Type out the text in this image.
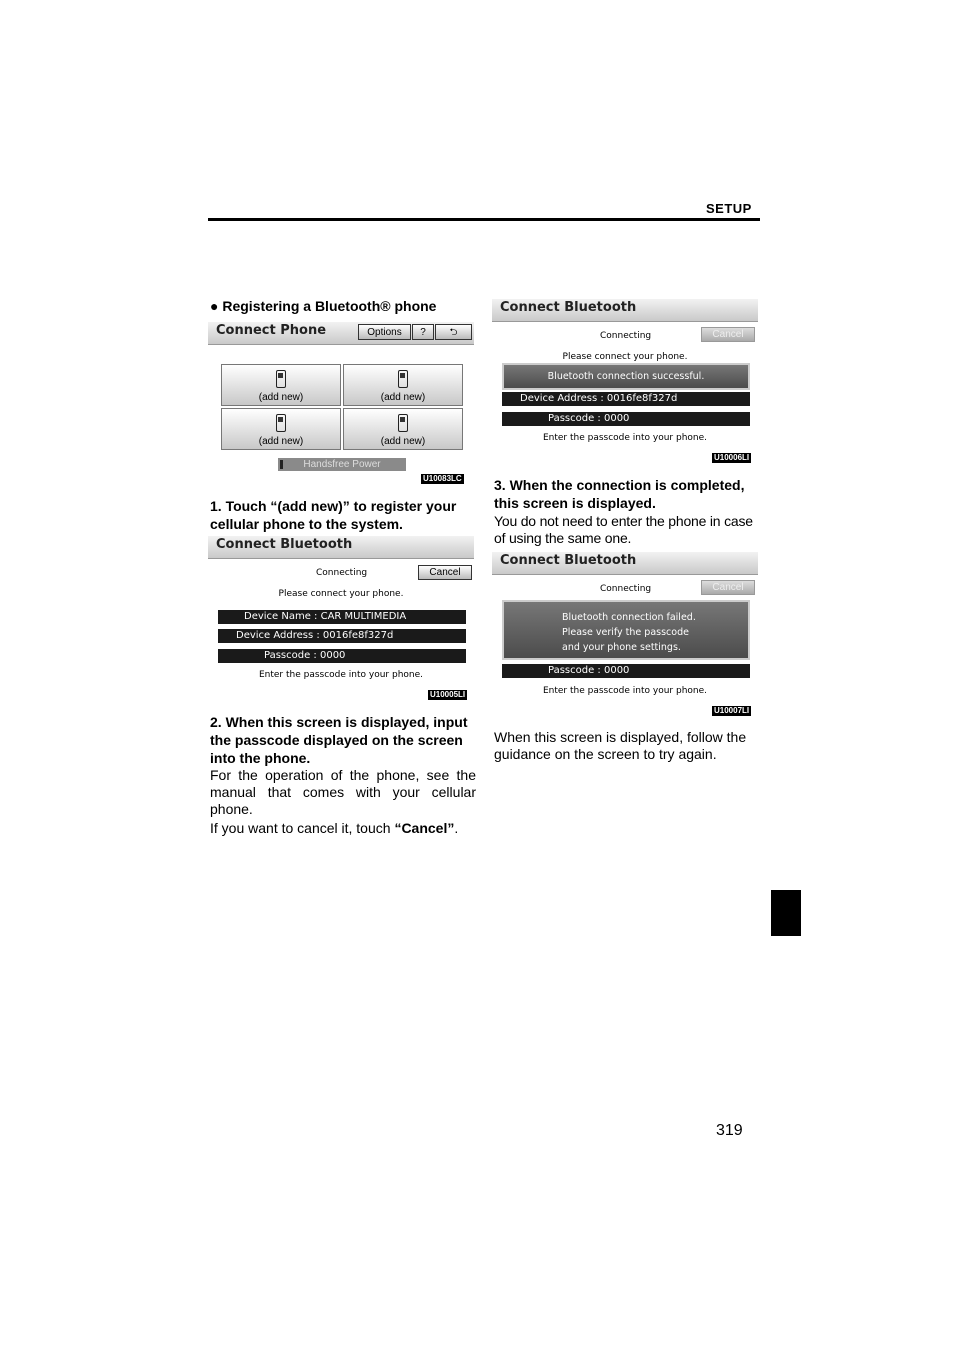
SETUP
319
● Registering a Bluetooth® phone
Connect Phone	Options	?	⮌
(add new)	(add new)
(add new)	(add new)
Handsfree Power
U10083LC
1. Touch “(add new)” to register your cellular phone to the system.
Connect Bluetooth
Connecting	Cancel
Please connect your phone.
Device Name : CAR MULTIMEDIA
Device Address : 0016fe8f327d
Passcode : 0000
Enter the passcode into your phone.
U10005LI
2. When this screen is displayed, input the passcode displayed on the screen into the phone.
For the operation of the phone, see the manual that comes with your cellular phone.
If you want to cancel it, touch “Cancel”.
Connect Bluetooth
Connecting	Cancel
Please connect your phone.
Bluetooth connection successful.
Device Address : 0016fe8f327d
Passcode : 0000
Enter the passcode into your phone.
U10006LI
3. When the connection is completed, this screen is displayed.
You do not need to enter the phone in case of using the same one.
Connect Bluetooth
Connecting	Cancel
Bluetooth connection failed.
Please verify the passcode
and your phone settings.
Passcode : 0000
Enter the passcode into your phone.
U10007LI
When this screen is displayed, follow the guidance on the screen to try again.
